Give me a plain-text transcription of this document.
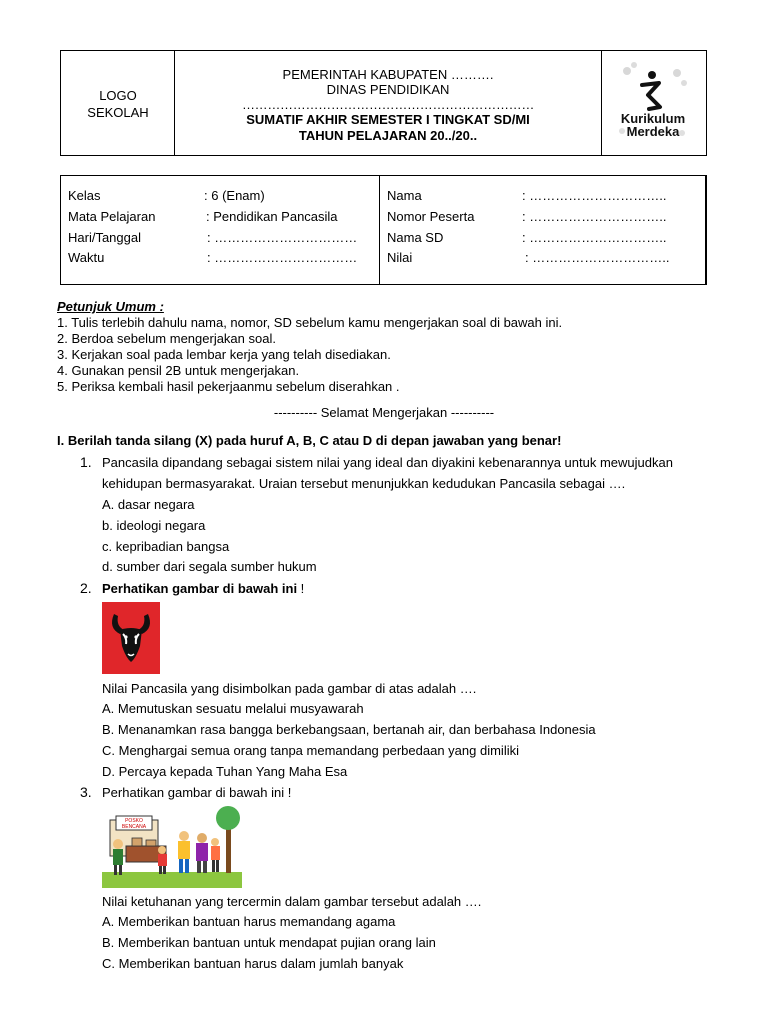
LOGO
SEKOLAH
PEMERINTAH KABUPATEN ……….
DINAS PENDIDIKAN
……………………………………………………………
SUMATIF AKHIR SEMESTER I TINGKAT SD/MI
TAHUN PELAJARAN 20../20..
Kurikulum
Merdeka
Kelas	: 6 (Enam)
Mata Pelajaran	: Pendidikan Pancasila
Hari/Tanggal	: ……………………………
Waktu	: ……………………………
Nama	: …………………………..
Nomor Peserta	: …………………………..
Nama SD	: …………………………..
Nilai	: …………………………..
Petunjuk Umum :
1. Tulis terlebih dahulu nama, nomor, SD sebelum kamu mengerjakan soal di bawah ini.
2. Berdoa sebelum mengerjakan soal.
3. Kerjakan soal pada lembar kerja yang telah disediakan.
4. Gunakan pensil 2B untuk mengerjakan.
5. Periksa kembali hasil pekerjaanmu sebelum diserahkan .
---------- Selamat Mengerjakan ----------
I. Berilah tanda silang (X) pada huruf A, B, C atau D di depan jawaban yang benar!
1. Pancasila dipandang sebagai sistem nilai yang ideal dan diyakini kebenarannya untuk mewujudkan
kehidupan bermasyarakat. Uraian tersebut menunjukkan kedudukan Pancasila sebagai ….
A. dasar negara
b. ideologi negara
c. kepribadian bangsa
d. sumber dari segala sumber hukum
2. Perhatikan gambar di bawah ini !
Nilai Pancasila yang disimbolkan pada gambar di atas adalah ….
A. Memutuskan sesuatu melalui musyawarah
B. Menanamkan rasa bangga berkebangsaan, bertanah air, dan berbahasa Indonesia
C. Menghargai semua orang tanpa memandang perbedaan yang dimiliki
D. Percaya kepada Tuhan Yang Maha Esa
3. Perhatikan gambar di bawah ini !
POSKO
BENCANA
Nilai ketuhanan yang tercermin dalam gambar tersebut adalah ….
A. Memberikan bantuan harus memandang agama
B. Memberikan bantuan untuk mendapat pujian orang lain
C. Memberikan bantuan harus dalam jumlah banyak
